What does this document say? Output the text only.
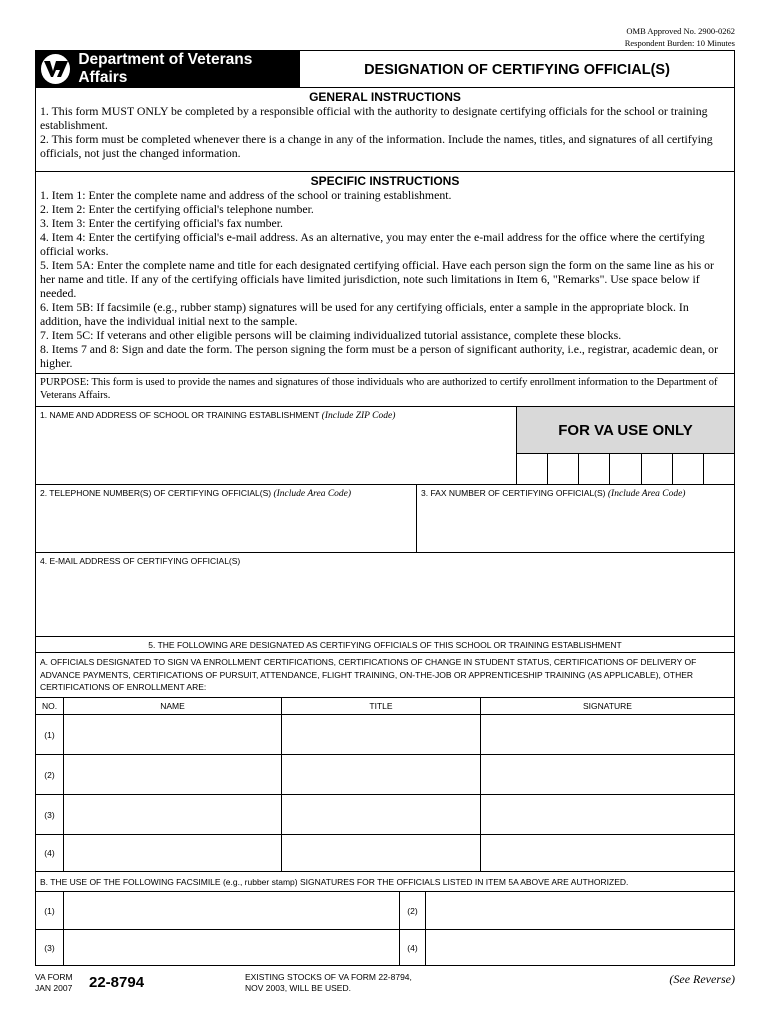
OMB Approved No. 2900-0262
Respondent Burden: 10 Minutes
Department of Veterans Affairs	DESIGNATION OF CERTIFYING OFFICIAL(S)
GENERAL INSTRUCTIONS
1. This form MUST ONLY be completed by a responsible official with the authority to designate certifying officials for the school or training establishment.
2. This form must be completed whenever there is a change in any of the information. Include the names, titles, and signatures of all certifying officials, not just the changed information.
SPECIFIC INSTRUCTIONS
1. Item 1: Enter the complete name and address of the school or training establishment.
2. Item 2: Enter the certifying official's telephone number.
3. Item 3: Enter the certifying official's fax number.
4. Item 4: Enter the certifying official's e-mail address. As an alternative, you may enter the e-mail address for the office where the certifying official works.
5. Item 5A: Enter the complete name and title for each designated certifying official. Have each person sign the form on the same line as his or her name and title. If any of the certifying officials have limited jurisdiction, note such limitations in Item 6, "Remarks". Use space below if needed.
6. Item 5B: If facsimile (e.g., rubber stamp) signatures will be used for any certifying officials, enter a sample in the appropriate block. In addition, have the individual initial next to the sample.
7. Item 5C: If veterans and other eligible persons will be claiming individualized tutorial assistance, complete these blocks.
8. Items 7 and 8: Sign and date the form. The person signing the form must be a person of significant authority, i.e., registrar, academic dean, or higher.
PURPOSE: This form is used to provide the names and signatures of those individuals who are authorized to certify enrollment information to the Department of Veterans Affairs.
1. NAME AND ADDRESS OF SCHOOL OR TRAINING ESTABLISHMENT (Include ZIP Code)
FOR VA USE ONLY
2. TELEPHONE NUMBER(S) OF CERTIFYING OFFICIAL(S) (Include Area Code)	3. FAX NUMBER OF CERTIFYING OFFICIAL(S) (Include Area Code)
4. E-MAIL ADDRESS OF CERTIFYING OFFICIAL(S)
5. THE FOLLOWING ARE DESIGNATED AS CERTIFYING OFFICIALS OF THIS SCHOOL OR TRAINING ESTABLISHMENT
A. OFFICIALS DESIGNATED TO SIGN VA ENROLLMENT CERTIFICATIONS, CERTIFICATIONS OF CHANGE IN STUDENT STATUS, CERTIFICATIONS OF DELIVERY OF ADVANCE PAYMENTS, CERTIFICATIONS OF PURSUIT, ATTENDANCE, FLIGHT TRAINING, ON-THE-JOB OR APPRENTICESHIP TRAINING (AS APPLICABLE), OTHER CERTIFICATIONS OF ENROLLMENT ARE:
NO.	NAME	TITLE	SIGNATURE
(1)
(2)
(3)
(4)
B. THE USE OF THE FOLLOWING FACSIMILE (e.g., rubber stamp) SIGNATURES FOR THE OFFICIALS LISTED IN ITEM 5A ABOVE ARE AUTHORIZED.
(1)	(2)
(3)	(4)
VA FORM
JAN 2007 22-8794	EXISTING STOCKS OF VA FORM 22-8794,
NOV 2003, WILL BE USED.
(See Reverse)
